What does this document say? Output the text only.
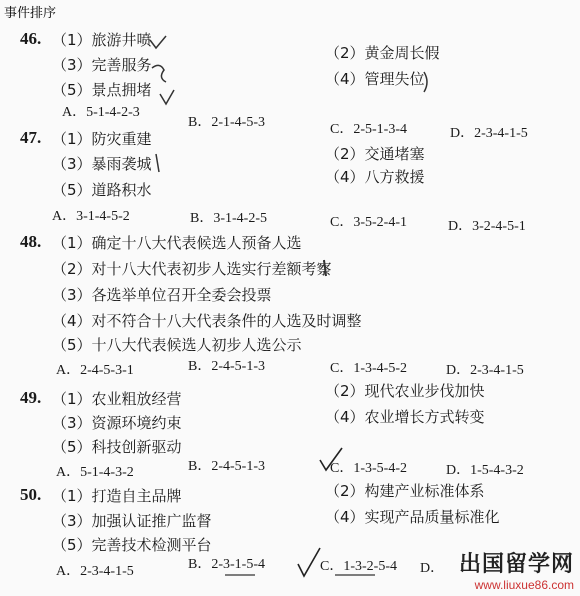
事件排序
46. （1）旅游井喷
（2）黄金周长假
（3）完善服务
（4）管理失位
（5）景点拥堵
A．5-1-4-2-3
B．2-1-4-5-3	C．2-5-1-3-4	D．2-3-4-1-5
47. （1）防灾重建
（2）交通堵塞
（3）暴雨袭城
（4）八方救援
（5）道路积水
A．3-1-4-5-2	B．3-1-4-2-5	C．3-5-2-4-1	D．3-2-4-5-1
48. （1）确定十八大代表候选人预备人选
（2）对十八大代表初步人选实行差额考察
（3）各选举单位召开全委会投票
（4）对不符合十八大代表条件的人选及时调整
（5）十八大代表候选人初步人选公示
A．2-4-5-3-1	B．2-4-5-1-3	C．1-3-4-5-2	D．2-3-4-1-5
49. （1）农业粗放经营	（2）现代农业步伐加快
（3）资源环境约束	（4）农业增长方式转变
（5）科技创新驱动
A．5-1-4-3-2	B．2-4-5-1-3	C．1-3-5-4-2	D．1-5-4-3-2
50. （1）打造自主品牌	（2）构建产业标准体系
（3）加强认证推广监督	（4）实现产品质量标准化
（5）完善技术检测平台
A．2-3-4-1-5	B．2-3-1-5-4	C．1-3-2-5-4 D． 出国留学网
www.liuxue86.com
